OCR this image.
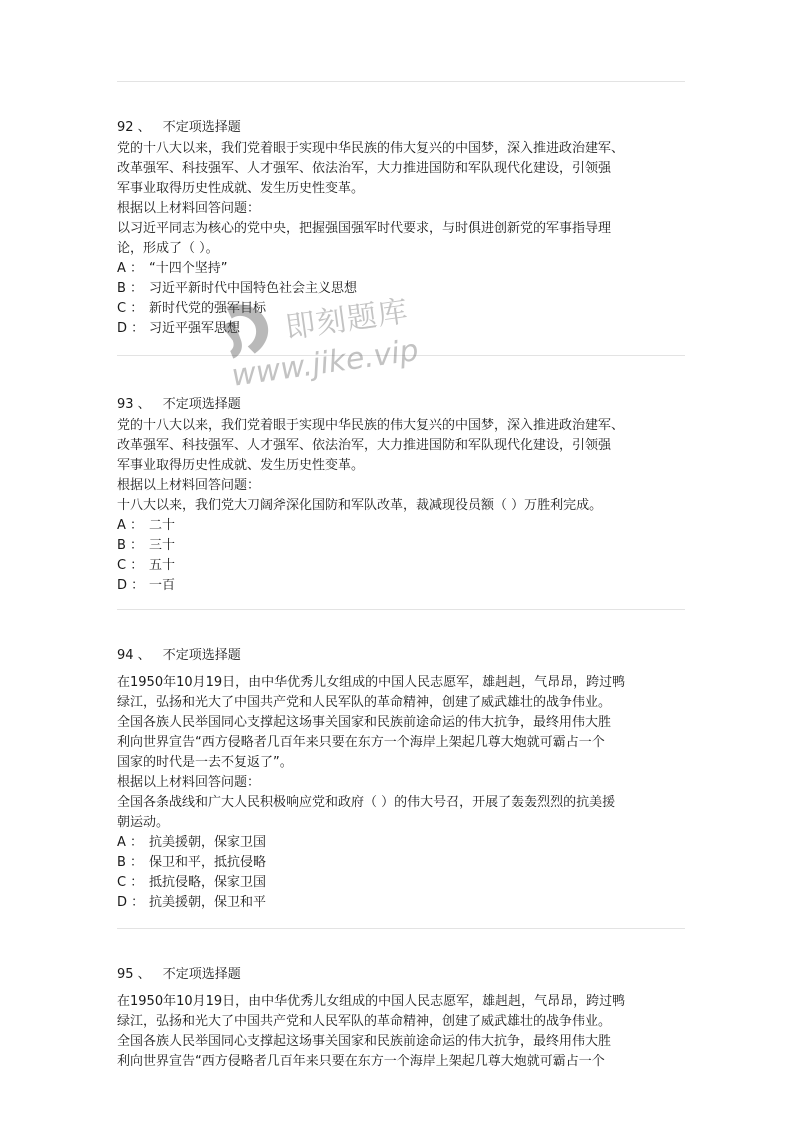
92 、 不定项选择题

党的十八大以来，我们党着眼于实现中华民族的伟大复兴的中国梦，深入推进政治建军、

改革强军、科技强军、人才强军、依法治军，大力推进国防和军队现代化建设，引领强

军事业取得历史性成就、发生历史性变革。

根据以上材料回答问题：

以习近平同志为核心的党中央，把握强国强军时代要求，与时俱进创新党的军事指导理

论，形成了（ ）。

A ： “十四个坚持”

B ： 习近平新时代中国特色社会主义思想

C ： 新时代党的强军目标

D ： 习近平强军思想

93 、 不定项选择题

党的十八大以来，我们党着眼于实现中华民族的伟大复兴的中国梦，深入推进政治建军、

改革强军、科技强军、人才强军、依法治军，大力推进国防和军队现代化建设，引领强

军事业取得历史性成就、发生历史性变革。

根据以上材料回答问题：

十八大以来，我们党大刀阔斧深化国防和军队改革，裁减现役员额（ ）万胜利完成。

A ： 二十

B ： 三十

C ： 五十

D ： 一百

94 、 不定项选择题

在1950年10月19日，由中华优秀儿女组成的中国人民志愿军，雄赳赳，气昂昂，跨过鸭

绿江，弘扬和光大了中国共产党和人民军队的革命精神，创建了威武雄壮的战争伟业。

全国各族人民举国同心支撑起这场事关国家和民族前途命运的伟大抗争，最终用伟大胜

利向世界宣告“西方侵略者几百年来只要在东方一个海岸上架起几尊大炮就可霸占一个

国家的时代是一去不复返了”。

根据以上材料回答问题：

全国各条战线和广大人民积极响应党和政府（ ）的伟大号召，开展了轰轰烈烈的抗美援

朝运动。

A ： 抗美援朝，保家卫国

B ： 保卫和平，抵抗侵略

C ： 抵抗侵略，保家卫国

D ： 抗美援朝，保卫和平

95 、 不定项选择题

在1950年10月19日，由中华优秀儿女组成的中国人民志愿军，雄赳赳，气昂昂，跨过鸭

绿江，弘扬和光大了中国共产党和人民军队的革命精神，创建了威武雄壮的战争伟业。

全国各族人民举国同心支撑起这场事关国家和民族前途命运的伟大抗争，最终用伟大胜

利向世界宣告“西方侵略者几百年来只要在东方一个海岸上架起几尊大炮就可霸占一个

即刻题库
www.jike.vip
